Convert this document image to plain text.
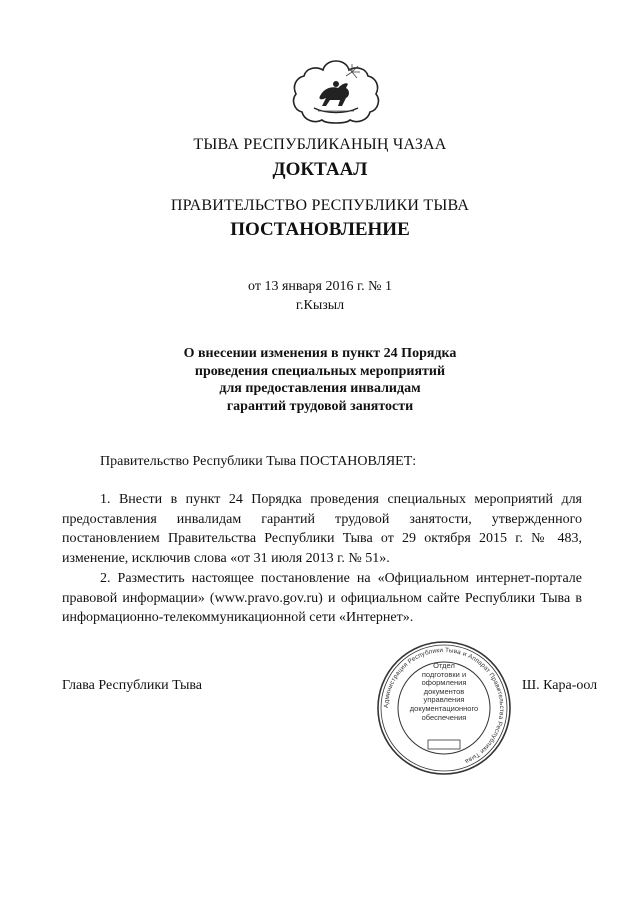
ТЫВА РЕСПУБЛИКАНЫҢ ЧАЗАА
ДОКТААЛ
ПРАВИТЕЛЬСТВО РЕСПУБЛИКИ ТЫВА
ПОСТАНОВЛЕНИЕ
от 13 января 2016 г. № 1
г.Кызыл
О внесении изменения в пункт 24 Порядка
проведения специальных мероприятий
для предоставления инвалидам
гарантий трудовой занятости
Правительство Республики Тыва ПОСТАНОВЛЯЕТ:
1. Внести в пункт 24 Порядка проведения специальных мероприятий для
предоставления инвалидам гарантий трудовой занятости, утвержденного
постановлением Правительства Республики Тыва от 29 октября 2015 г. № 483,
изменение, исключив слова «от 31 июля 2013 г. № 51».
2. Разместить настоящее постановление на «Официальном интернет-портале
правовой информации» (www.pravo.gov.ru) и официальном сайте Республики Тыва в
информационно-телекоммуникационной сети «Интернет».
Глава Республики Тыва	Ш. Кара-оол
Администрация Республики Тыва и Аппарат Правительства Республики Тыва
Отдел
подготовки и
оформления документов
управления
документационного
обеспечения
